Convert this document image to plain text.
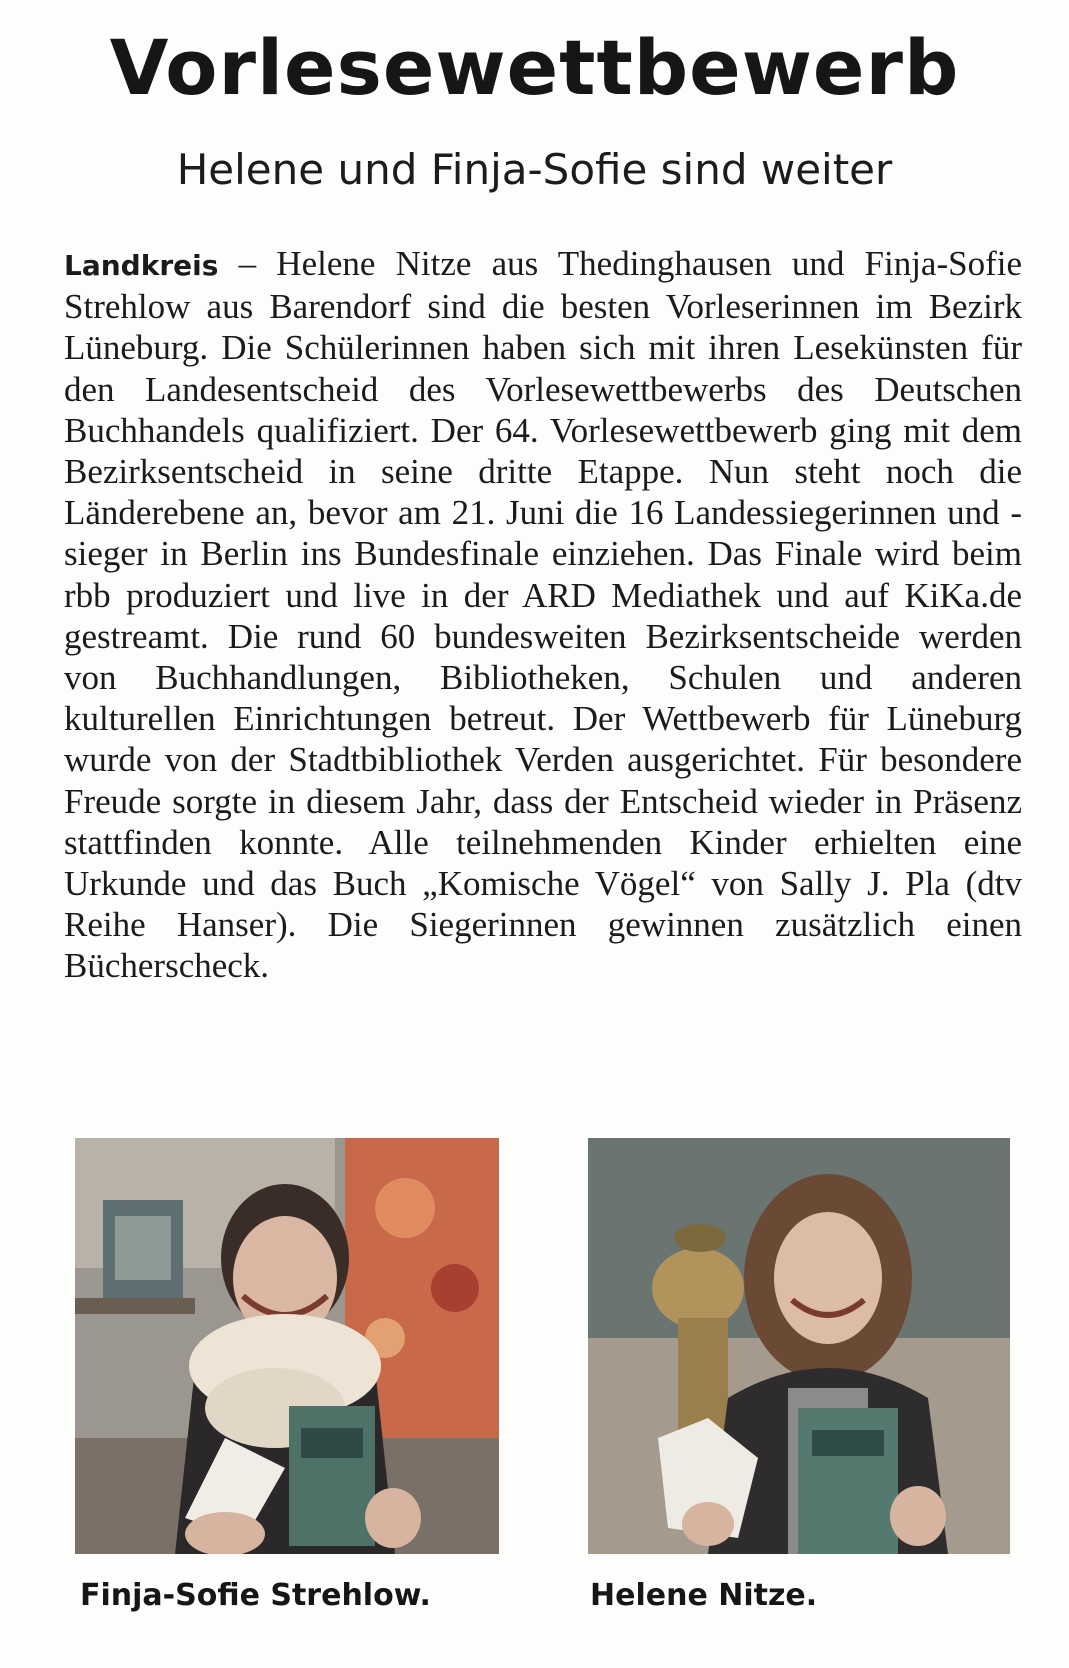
Vorlesewettbewerb
Helene und Finja-Sofie sind weiter
Landkreis – Helene Nitze aus Thedinghausen und Finja-Sofie Strehlow aus Barendorf sind die besten Vorleserinnen im Bezirk Lüneburg. Die Schülerinnen haben sich mit ihren Lesekünsten für den Landesentscheid des Vorlesewettbewerbs des Deutschen Buchhandels qualifiziert. Der 64. Vorlesewettbewerb ging mit dem Bezirksentscheid in seine dritte Etappe. Nun steht noch die Länderebene an, bevor am 21. Juni die 16 Landessiegerinnen und -sieger in Berlin ins Bundesfinale einziehen. Das Finale wird beim rbb produziert und live in der ARD Mediathek und auf KiKa.de gestreamt. Die rund 60 bundesweiten Bezirksentscheide werden von Buchhandlungen, Bibliotheken, Schulen und anderen kulturellen Einrichtungen betreut. Der Wettbewerb für Lüneburg wurde von der Stadtbibliothek Verden ausgerichtet. Für besondere Freude sorgte in diesem Jahr, dass der Entscheid wieder in Präsenz stattfinden konnte. Alle teilnehmenden Kinder erhielten eine Urkunde und das Buch „Komische Vögel“ von Sally J. Pla (dtv Reihe Hanser). Die Siegerinnen gewinnen zusätzlich einen Bücherscheck.
Finja-Sofie Strehlow.	Helene Nitze.
